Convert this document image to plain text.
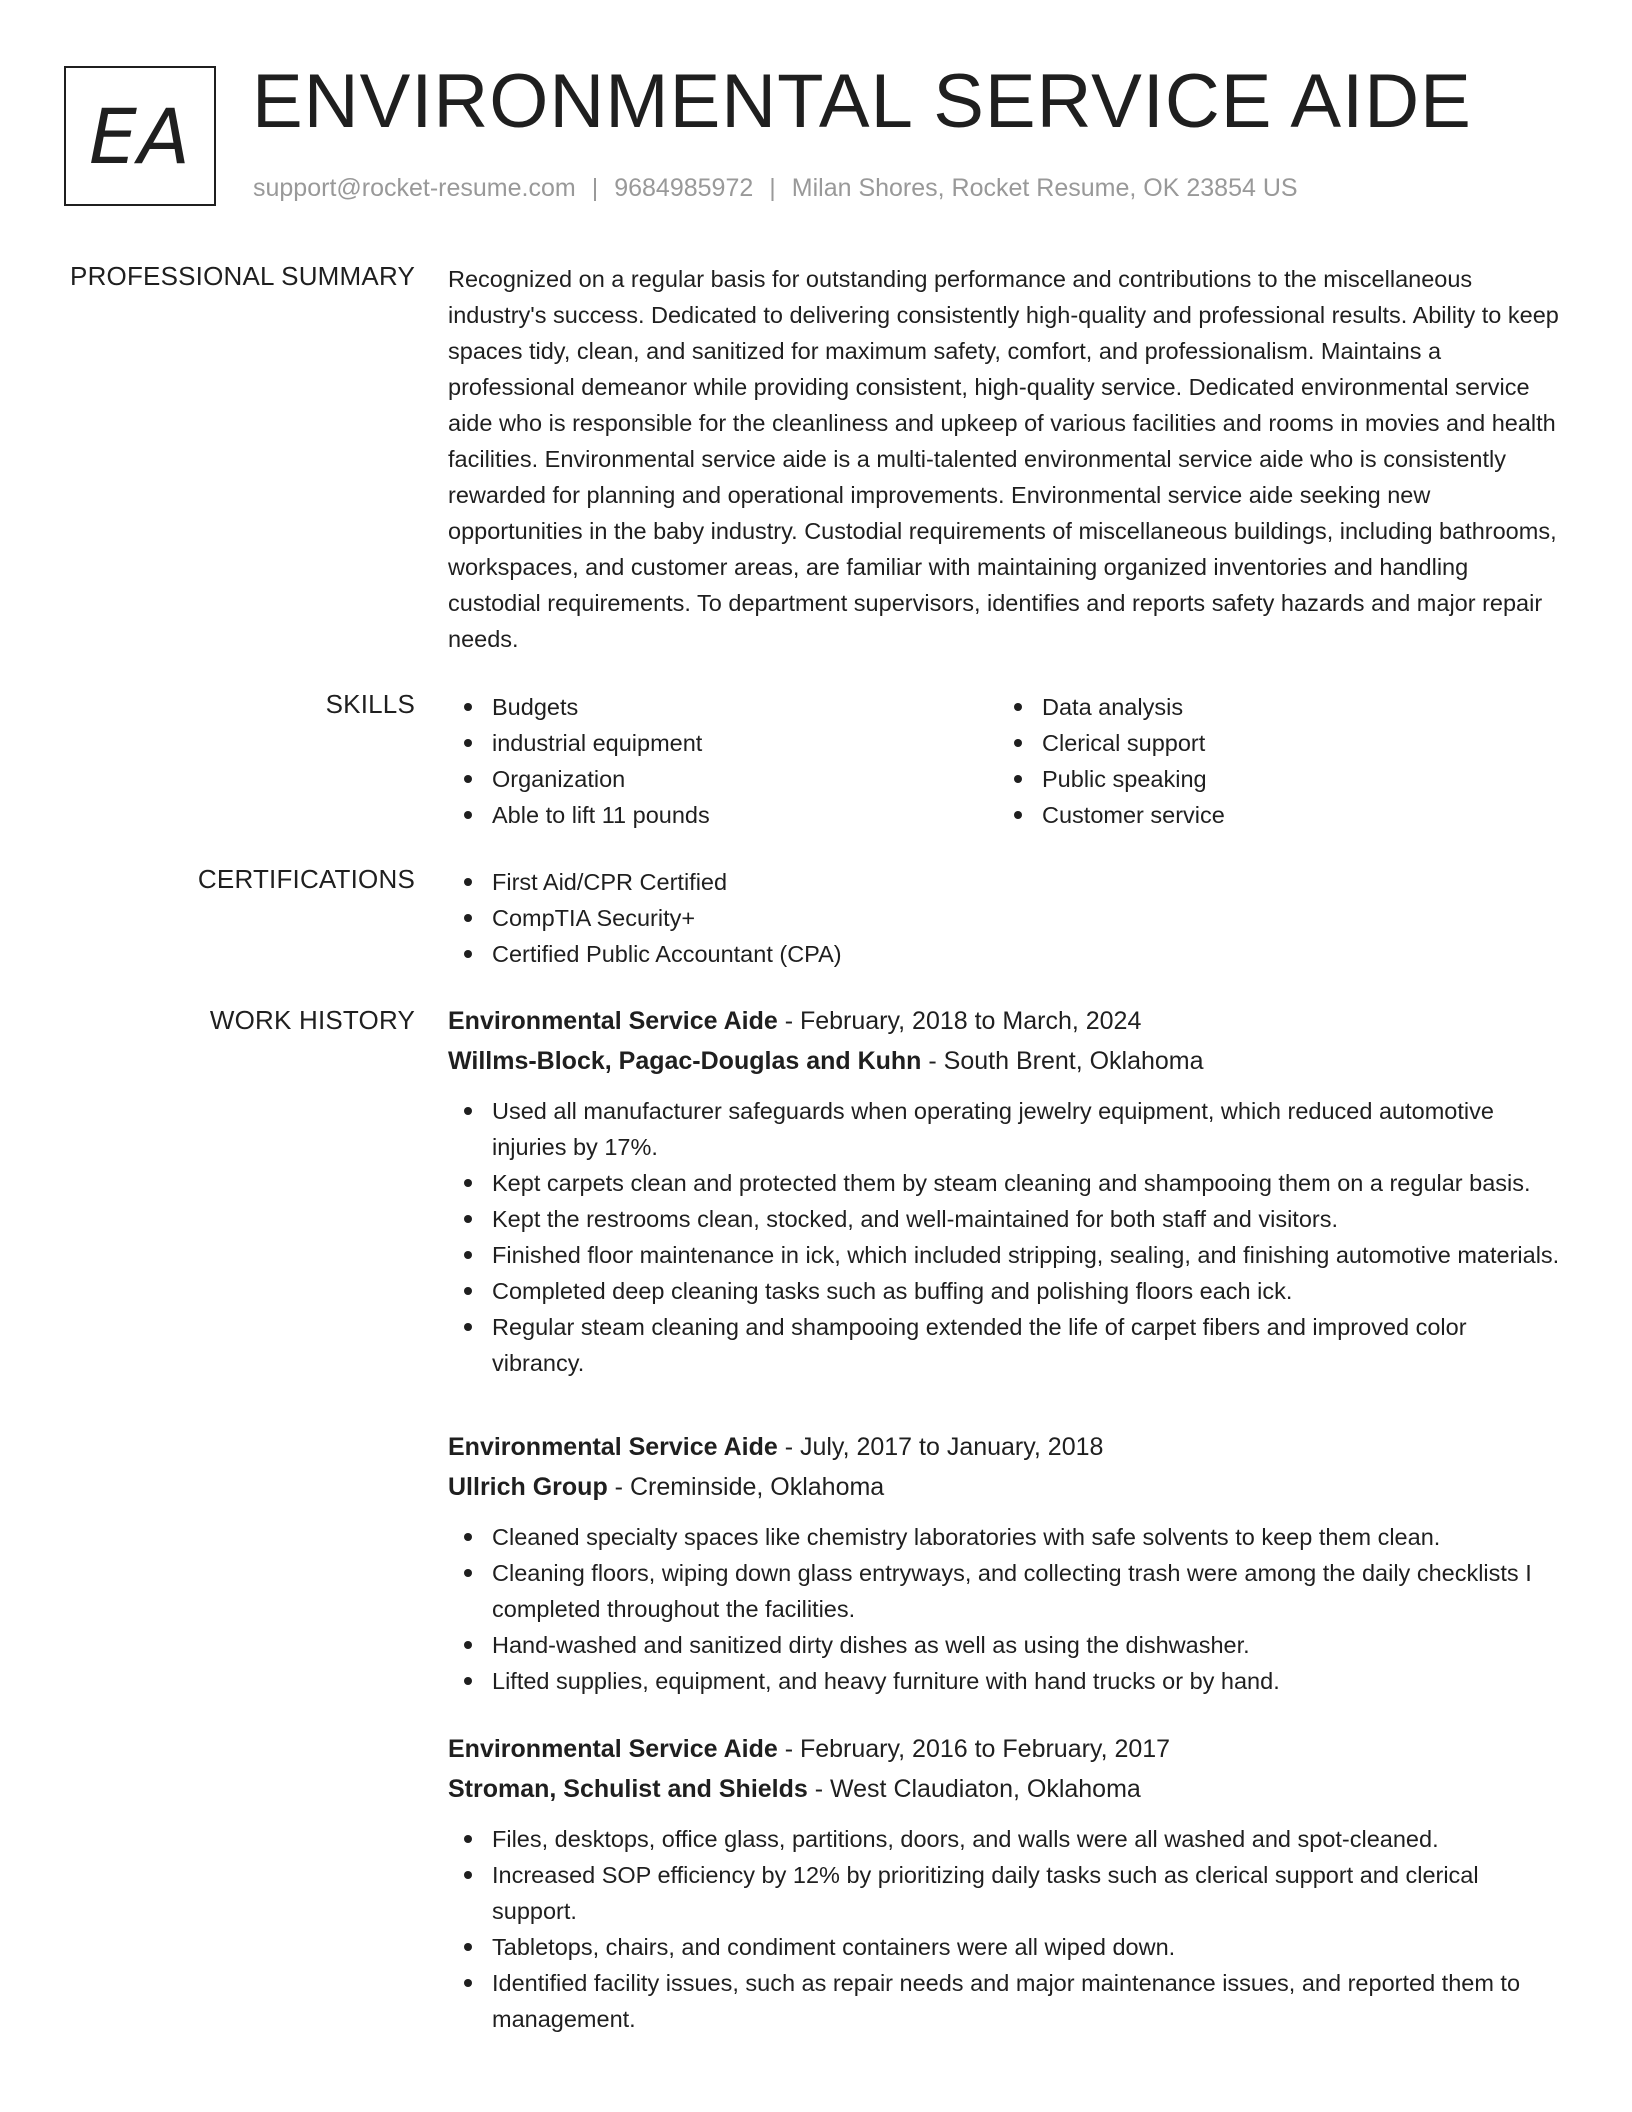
EA ENVIRONMENTAL SERVICE AIDE
support@rocket-resume.com | 9684985972 | Milan Shores, Rocket Resume, OK 23854 US
PROFESSIONAL SUMMARY Recognized on a regular basis for outstanding performance and contributions to the miscellaneous industry's success. Dedicated to delivering consistently high-quality and professional results. Ability to keep spaces tidy, clean, and sanitized for maximum safety, comfort, and professionalism. Maintains a professional demeanor while providing consistent, high-quality service. Dedicated environmental service aide who is responsible for the cleanliness and upkeep of various facilities and rooms in movies and health facilities. Environmental service aide is a multi-talented environmental service aide who is consistently rewarded for planning and operational improvements. Environmental service aide seeking new opportunities in the baby industry. Custodial requirements of miscellaneous buildings, including bathrooms, workspaces, and customer areas, are familiar with maintaining organized inventories and handling custodial requirements. To department supervisors, identifies and reports safety hazards and major repair needs.

SKILLS	Budgets
industrial equipment
Organization
Able to lift 11 pounds
Data analysis
Clerical support
Public speaking
Customer service
CERTIFICATIONS	First Aid/CPR Certified
CompTIA Security+
Certified Public Accountant (CPA)
WORK HISTORY Environmental Service Aide - February, 2018 to March, 2024
Willms-Block, Pagac-Douglas and Kuhn - South Brent, Oklahoma
Used all manufacturer safeguards when operating jewelry equipment, which reduced automotive injuries by 17%.
Kept carpets clean and protected them by steam cleaning and shampooing them on a regular basis.
Kept the restrooms clean, stocked, and well-maintained for both staff and visitors.
Finished floor maintenance in ick, which included stripping, sealing, and finishing automotive materials.
Completed deep cleaning tasks such as buffing and polishing floors each ick.
Regular steam cleaning and shampooing extended the life of carpet fibers and improved color vibrancy.
Environmental Service Aide - July, 2017 to January, 2018
Ullrich Group - Creminside, Oklahoma
Cleaned specialty spaces like chemistry laboratories with safe solvents to keep them clean.
Cleaning floors, wiping down glass entryways, and collecting trash were among the daily checklists I completed throughout the facilities.
Hand-washed and sanitized dirty dishes as well as using the dishwasher.
Lifted supplies, equipment, and heavy furniture with hand trucks or by hand.
Environmental Service Aide - February, 2016 to February, 2017
Stroman, Schulist and Shields - West Claudiaton, Oklahoma
Files, desktops, office glass, partitions, doors, and walls were all washed and spot-cleaned.
Increased SOP efficiency by 12% by prioritizing daily tasks such as clerical support and clerical support.
Tabletops, chairs, and condiment containers were all wiped down.
Identified facility issues, such as repair needs and major maintenance issues, and reported them to management.
